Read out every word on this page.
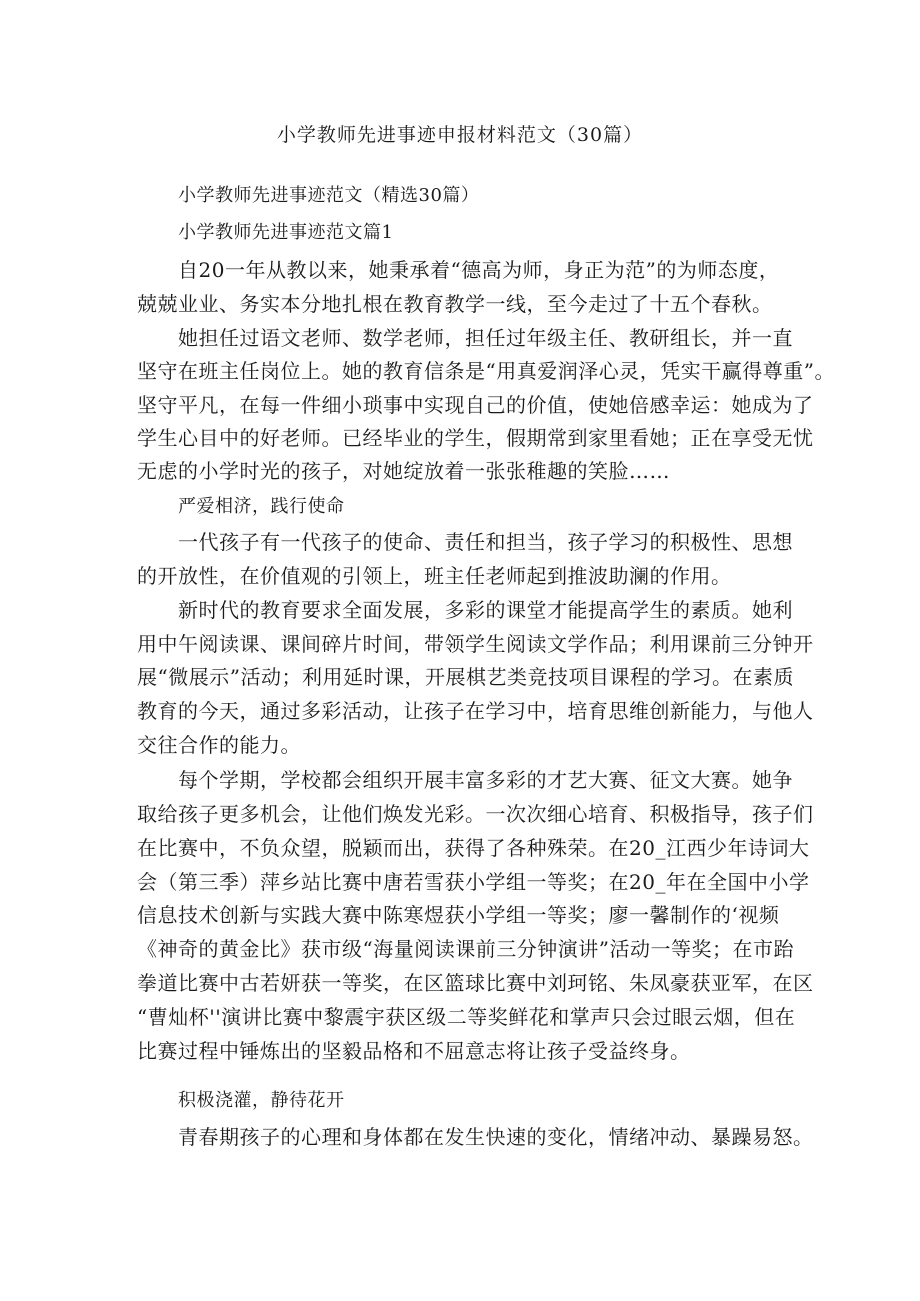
小学教师先进事迹申报材料范文（30篇）
小学教师先进事迹范文（精选30篇）
小学教师先进事迹范文篇1
自20一年从教以来，她秉承着“德高为师，身正为范”的为师态度，
兢兢业业、务实本分地扎根在教育教学一线，至今走过了十五个春秋。
她担任过语文老师、数学老师，担任过年级主任、教研组长，并一直
坚守在班主任岗位上。她的教育信条是“用真爱润泽心灵，凭实干赢得尊重”。
坚守平凡，在每一件细小琐事中实现自己的价值，使她倍感幸运：她成为了
学生心目中的好老师。已经毕业的学生，假期常到家里看她；正在享受无忧
无虑的小学时光的孩子，对她绽放着一张张稚趣的笑脸……
严爱相济，践行使命
一代孩子有一代孩子的使命、责任和担当，孩子学习的积极性、思想
的开放性，在价值观的引领上，班主任老师起到推波助澜的作用。
新时代的教育要求全面发展，多彩的课堂才能提高学生的素质。她利
用中午阅读课、课间碎片时间，带领学生阅读文学作品；利用课前三分钟开
展“微展示”活动；利用延时课，开展棋艺类竞技项目课程的学习。在素质
教育的今天，通过多彩活动，让孩子在学习中，培育思维创新能力，与他人
交往合作的能力。
每个学期，学校都会组织开展丰富多彩的才艺大赛、征文大赛。她争
取给孩子更多机会，让他们焕发光彩。一次次细心培育、积极指导，孩子们
在比赛中，不负众望，脱颖而出，获得了各种殊荣。在20_江西少年诗词大
会（第三季）萍乡站比赛中唐若雪获小学组一等奖；在20_年在全国中小学
信息技术创新与实践大赛中陈寒煜获小学组一等奖；廖一馨制作的‘视频
《神奇的黄金比》获市级“海量阅读课前三分钟演讲”活动一等奖；在市跆
拳道比赛中古若妍获一等奖，在区篮球比赛中刘珂铭、朱凤豪获亚军，在区
“曹灿杯''演讲比赛中黎震宇获区级二等奖鲜花和掌声只会过眼云烟，但在
比赛过程中锤炼出的坚毅品格和不屈意志将让孩子受益终身。
积极浇灌，静待花开
青春期孩子的心理和身体都在发生快速的变化，情绪冲动、暴躁易怒。
